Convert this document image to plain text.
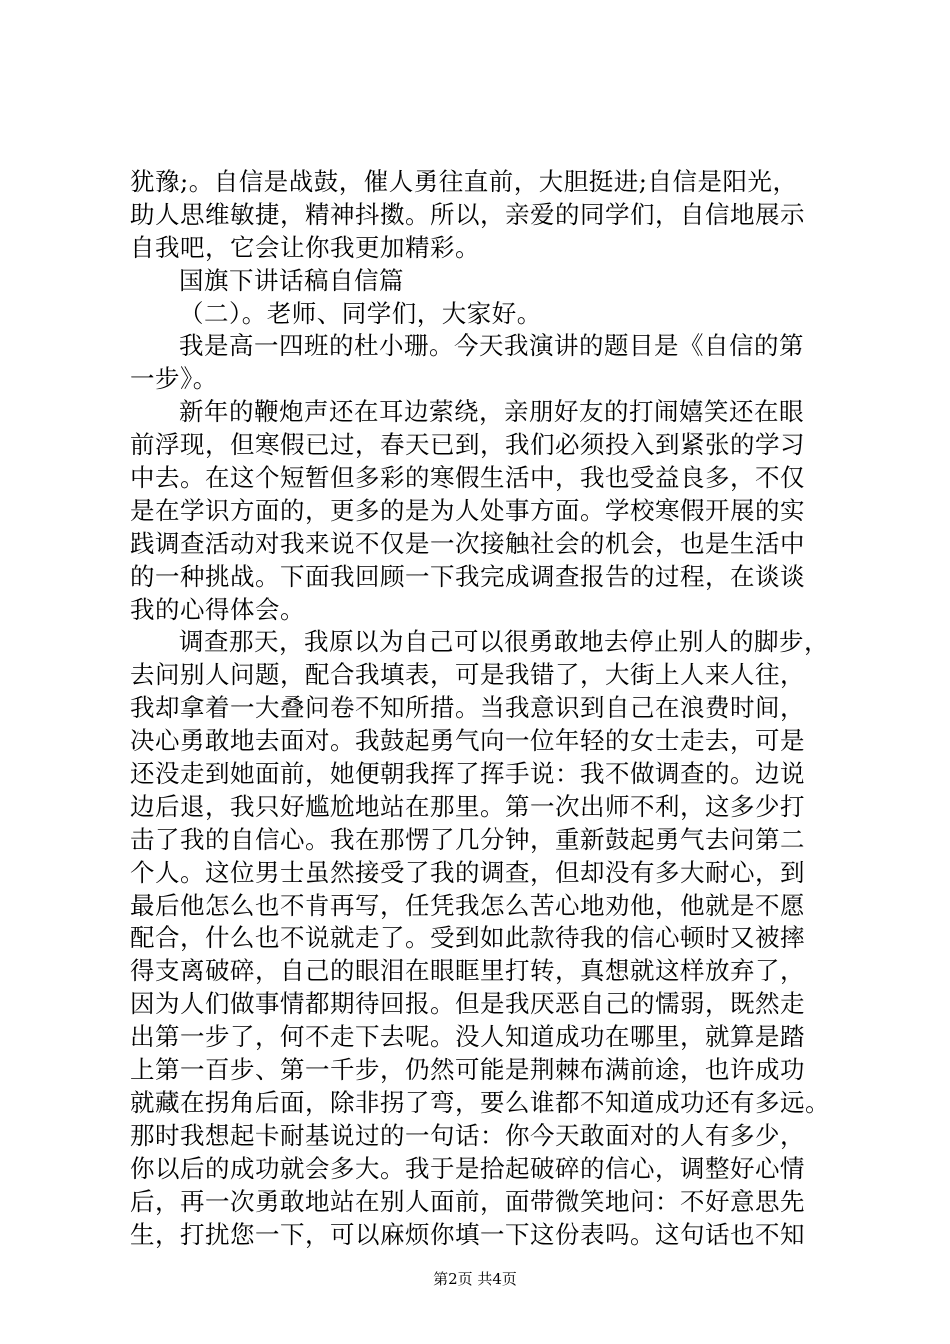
犹豫;。自信是战鼓，催人勇往直前，大胆挺进;自信是阳光，
助人思维敏捷，精神抖擞。所以，亲爱的同学们，自信地展示
自我吧，它会让你我更加精彩。
国旗下讲话稿自信篇
（二）。老师、同学们，大家好。
我是高一四班的杜小珊。今天我演讲的题目是《自信的第
一步》。
新年的鞭炮声还在耳边萦绕，亲朋好友的打闹嬉笑还在眼
前浮现，但寒假已过，春天已到，我们必须投入到紧张的学习
中去。在这个短暂但多彩的寒假生活中，我也受益良多，不仅
是在学识方面的，更多的是为人处事方面。学校寒假开展的实
践调查活动对我来说不仅是一次接触社会的机会，也是生活中
的一种挑战。下面我回顾一下我完成调查报告的过程，在谈谈
我的心得体会。
调查那天，我原以为自己可以很勇敢地去停止别人的脚步，
去问别人问题，配合我填表，可是我错了，大街上人来人往，
我却拿着一大叠问卷不知所措。当我意识到自己在浪费时间，
决心勇敢地去面对。我鼓起勇气向一位年轻的女士走去，可是
还没走到她面前，她便朝我挥了挥手说：我不做调查的。边说
边后退，我只好尴尬地站在那里。第一次出师不利，这多少打
击了我的自信心。我在那愣了几分钟，重新鼓起勇气去问第二
个人。这位男士虽然接受了我的调查，但却没有多大耐心，到
最后他怎么也不肯再写，任凭我怎么苦心地劝他，他就是不愿
配合，什么也不说就走了。受到如此款待我的信心顿时又被摔
得支离破碎，自己的眼泪在眼眶里打转，真想就这样放弃了，
因为人们做事情都期待回报。但是我厌恶自己的懦弱，既然走
出第一步了，何不走下去呢。没人知道成功在哪里，就算是踏
上第一百步、第一千步，仍然可能是荆棘布满前途，也许成功
就藏在拐角后面，除非拐了弯，要么谁都不知道成功还有多远。
那时我想起卡耐基说过的一句话：你今天敢面对的人有多少，
你以后的成功就会多大。我于是拾起破碎的信心，调整好心情
后，再一次勇敢地站在别人面前，面带微笑地问：不好意思先
生，打扰您一下，可以麻烦你填一下这份表吗。这句话也不知
第2页 共4页
